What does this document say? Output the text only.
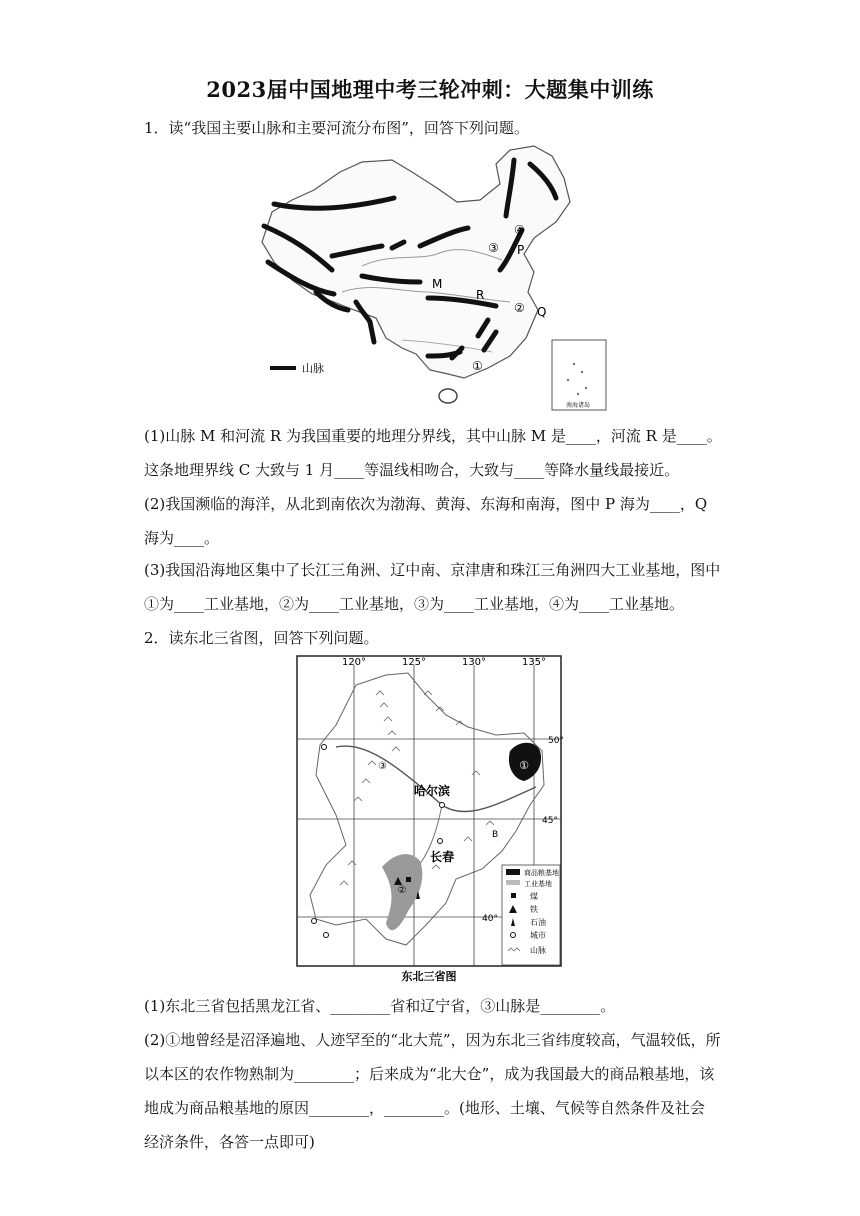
2023届中国地理中考三轮冲刺：大题集中训练
1．读“我国主要山脉和主要河流分布图”，回答下列问题。
M
R
P
Q
②
③
④
①
山脉
南海诸岛
(1)山脉 M 和河流 R 为我国重要的地理分界线，其中山脉 M 是____，河流 R 是____。
这条地理界线 C 大致与 1 月____等温线相吻合，大致与____等降水量线最接近。
(2)我国濒临的海洋，从北到南依次为渤海、黄海、东海和南海，图中 P 海为____，Q
海为____。
(3)我国沿海地区集中了长江三角洲、辽中南、京津唐和珠江三角洲四大工业基地，图中
①为____工业基地，②为____工业基地，③为____工业基地，④为____工业基地。
2．读东北三省图，回答下列问题。
120°	125°	130°	135°
50°
45°
40°
①
②
③
B
哈尔滨
长春
商品粮基地
工业基地
煤
铁
石油
城市
山脉
东北三省图
(1)东北三省包括黑龙江省、________省和辽宁省，③山脉是________。
(2)①地曾经是沼泽遍地、人迹罕至的“北大荒”，因为东北三省纬度较高，气温较低，所
以本区的农作物熟制为________；后来成为“北大仓”，成为我国最大的商品粮基地，该
地成为商品粮基地的原因________，________。(地形、土壤、气候等自然条件及社会
经济条件，各答一点即可)
